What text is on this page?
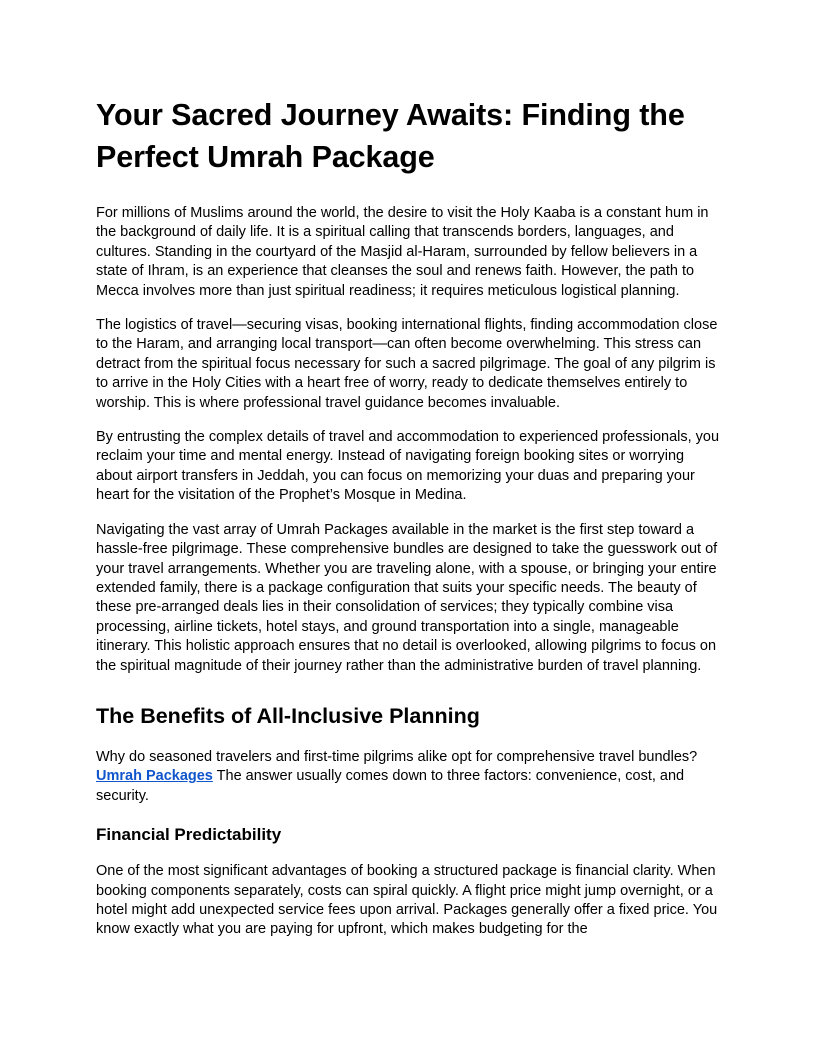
Your Sacred Journey Awaits: Finding the Perfect Umrah Package

For millions of Muslims around the world, the desire to visit the Holy Kaaba is a constant hum in the background of daily life. It is a spiritual calling that transcends borders, languages, and cultures. Standing in the courtyard of the Masjid al-Haram, surrounded by fellow believers in a state of Ihram, is an experience that cleanses the soul and renews faith. However, the path to Mecca involves more than just spiritual readiness; it requires meticulous logistical planning.

The logistics of travel—securing visas, booking international flights, finding accommodation close to the Haram, and arranging local transport—can often become overwhelming. This stress can detract from the spiritual focus necessary for such a sacred pilgrimage. The goal of any pilgrim is to arrive in the Holy Cities with a heart free of worry, ready to dedicate themselves entirely to worship. This is where professional travel guidance becomes invaluable.

By entrusting the complex details of travel and accommodation to experienced professionals, you reclaim your time and mental energy. Instead of navigating foreign booking sites or worrying about airport transfers in Jeddah, you can focus on memorizing your duas and preparing your heart for the visitation of the Prophet’s Mosque in Medina.

Navigating the vast array of Umrah Packages available in the market is the first step toward a hassle-free pilgrimage. These comprehensive bundles are designed to take the guesswork out of your travel arrangements. Whether you are traveling alone, with a spouse, or bringing your entire extended family, there is a package configuration that suits your specific needs. The beauty of these pre-arranged deals lies in their consolidation of services; they typically combine visa processing, airline tickets, hotel stays, and ground transportation into a single, manageable itinerary. This holistic approach ensures that no detail is overlooked, allowing pilgrims to focus on the spiritual magnitude of their journey rather than the administrative burden of travel planning.

The Benefits of All-Inclusive Planning

Why do seasoned travelers and first-time pilgrims alike opt for comprehensive travel bundles? Umrah Packages The answer usually comes down to three factors: convenience, cost, and security.

Financial Predictability

One of the most significant advantages of booking a structured package is financial clarity. When booking components separately, costs can spiral quickly. A flight price might jump overnight, or a hotel might add unexpected service fees upon arrival. Packages generally offer a fixed price. You know exactly what you are paying for upfront, which makes budgeting for the
